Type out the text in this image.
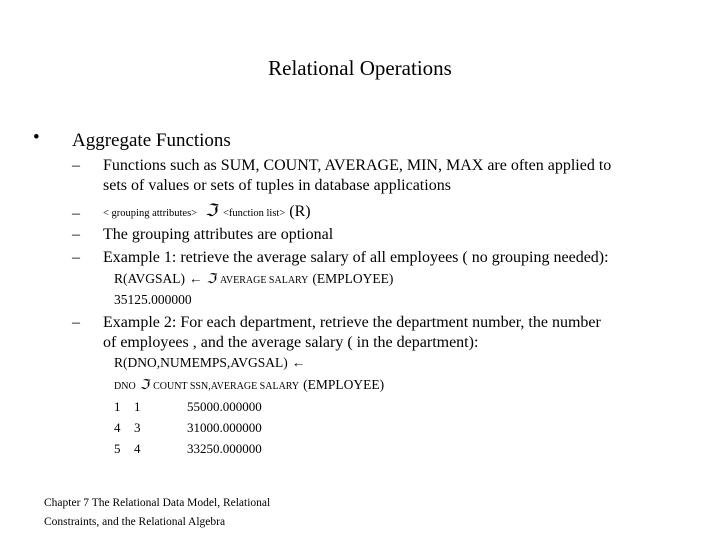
Relational Operations
• Aggregate Functions
– Functions such as SUM, COUNT, AVERAGE, MIN, MAX are often applied to
sets of values or sets of tuples in database applications
– < grouping attributes> ℑ <function list> (R)
– The grouping attributes are optional
– Example 1: retrieve the average salary of all employees ( no grouping needed):
R(AVGSAL) ← ℑ AVERAGE SALARY (EMPLOYEE)
35125.000000
– Example 2: For each department, retrieve the department number, the number
of employees , and the average salary ( in the department):
R(DNO,NUMEMPS,AVGSAL) ←
DNO ℑ COUNT SSN,AVERAGE SALARY (EMPLOYEE)
1	1	55000.000000
4	3	31000.000000
5	4	33250.000000
Chapter 7 The Relational Data Model, Relational
Constraints, and the Relational Algebra
